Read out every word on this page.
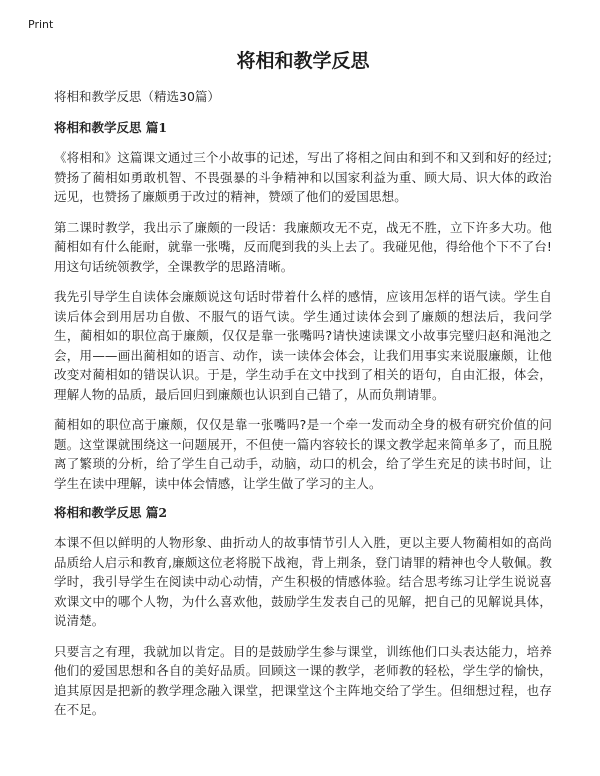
Print
将相和教学反思
将相和教学反思（精选30篇）
将相和教学反思 篇1

《将相和》这篇课文通过三个小故事的记述，写出了将相之间由和到不和又到和好的经过;赞扬了蔺相如勇敢机智、不畏强暴的斗争精神和以国家利益为重、顾大局、识大体的政治远见，也赞扬了廉颇勇于改过的精神，赞颂了他们的爱国思想。

第二课时教学，我出示了廉颇的一段话：我廉颇攻无不克，战无不胜，立下许多大功。他蔺相如有什么能耐，就靠一张嘴，反而爬到我的头上去了。我碰见他，得给他个下不了台!用这句话统领教学，全课教学的思路清晰。

我先引导学生自读体会廉颇说这句话时带着什么样的感情，应该用怎样的语气读。学生自读后体会到用居功自傲、不服气的语气读。学生通过读体会到了廉颇的想法后，我问学生，蔺相如的职位高于廉颇，仅仅是靠一张嘴吗?请快速读课文小故事完璧归赵和渑池之会，用——画出蔺相如的语言、动作，读一读体会体会，让我们用事实来说服廉颇，让他改变对蔺相如的错误认识。于是，学生动手在文中找到了相关的语句，自由汇报，体会，理解人物的品质，最后回归到廉颇也认识到自己错了，从而负荆请罪。

蔺相如的职位高于廉颇，仅仅是靠一张嘴吗?是一个牵一发而动全身的极有研究价值的问题。这堂课就围绕这一问题展开，不但使一篇内容较长的课文教学起来简单多了，而且脱离了繁琐的分析，给了学生自己动手，动脑，动口的机会，给了学生充足的读书时间，让学生在读中理解，读中体会情感，让学生做了学习的主人。

将相和教学反思 篇2

本课不但以鲜明的人物形象、曲折动人的故事情节引人入胜，更以主要人物蔺相如的高尚品质给人启示和教育,廉颇这位老将脱下战袍，背上荆条，登门请罪的精神也令人敬佩。教学时，我引导学生在阅读中动心动情，产生积极的情感体验。结合思考练习让学生说说喜欢课文中的哪个人物，为什么喜欢他，鼓励学生发表自己的见解，把自己的见解说具体，说清楚。

只要言之有理，我就加以肯定。目的是鼓励学生参与课堂，训练他们口头表达能力，培养他们的爱国思想和各自的美好品质。回顾这一课的教学，老师教的轻松，学生学的愉快，追其原因是把新的教学理念融入课堂，把课堂这个主阵地交给了学生。但细想过程，也存在不足。
